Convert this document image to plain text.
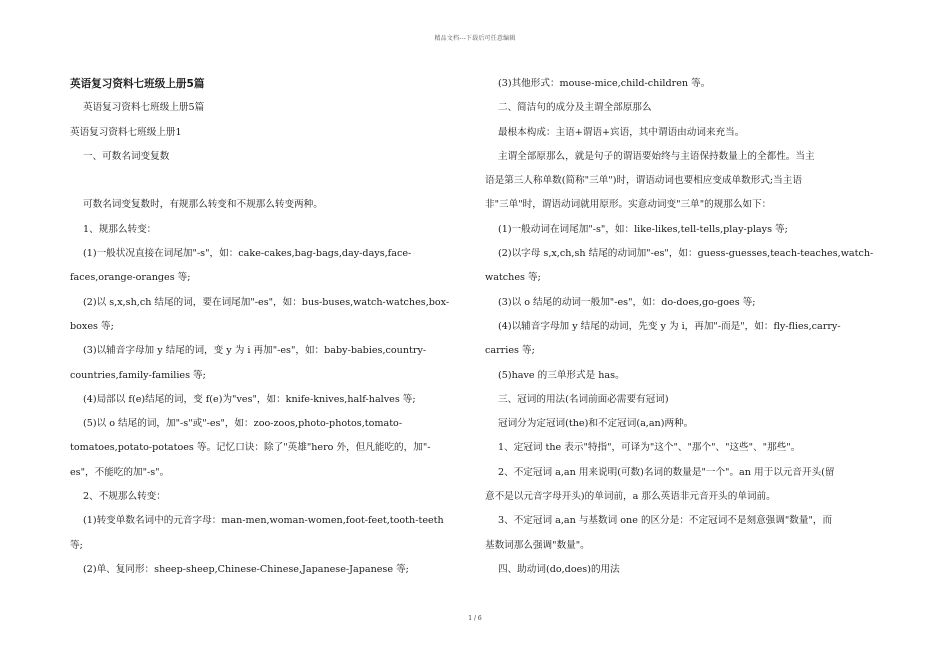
精品文档---下载后可任意编辑

英语复习资料七班级上册5篇

英语复习资料七班级上册5篇

英语复习资料七班级上册1

一、可数名词变复数

可数名词变复数时，有规那么转变和不规那么转变两种。

1、规那么转变：

(1)一般状况直接在词尾加"-s"，如：cake-cakes,bag-bags,day-days,face-

faces,orange-oranges 等;

(2)以 s,x,sh,ch 结尾的词，要在词尾加"-es"，如：bus-buses,watch-watches,box-

boxes 等;

(3)以辅音字母加 y 结尾的词，变 y 为 i 再加"-es"，如：baby-babies,country-

countries,family-families 等;

(4)局部以 f(e)结尾的词，变 f(e)为"ves"，如：knife-knives,half-halves 等;

(5)以 o 结尾的词，加"-s"或"-es"，如：zoo-zoos,photo-photos,tomato-

tomatoes,potato-potatoes 等。记忆口诀：除了"英雄"hero 外，但凡能吃的，加"-

es"，不能吃的加"-s"。

2、不规那么转变：

(1)转变单数名词中的元音字母：man-men,woman-women,foot-feet,tooth-teeth

等;

(2)单、复同形：sheep-sheep,Chinese-Chinese,Japanese-Japanese 等;

(3)其他形式：mouse-mice,child-children 等。

二、简洁句的成分及主谓全部原那么

最根本构成：主语+谓语+宾语，其中谓语由动词来充当。

主谓全部原那么，就是句子的谓语要始终与主语保持数量上的全都性。当主

语是第三人称单数(简称"三单")时，谓语动词也要相应变成单数形式;当主语

非"三单"时，谓语动词就用原形。实意动词变"三单"的规那么如下：

(1)一般动词在词尾加"-s"，如：like-likes,tell-tells,play-plays 等;

(2)以字母 s,x,ch,sh 结尾的动词加"-es"，如：guess-guesses,teach-teaches,watch-

watches 等;

(3)以 o 结尾的动词一般加"-es"，如：do-does,go-goes 等;

(4)以辅音字母加 y 结尾的动词，先变 y 为 i，再加"-而是"，如：fly-flies,carry-

carries 等;

(5)have 的三单形式是 has。

三、冠词的用法(名词前面必需要有冠词)

冠词分为定冠词(the)和不定冠词(a,an)两种。

1、定冠词 the 表示"特指"，可译为"这个"、"那个"、"这些"、"那些"。

2、不定冠词 a,an 用来说明(可数)名词的数量是"一个"。an 用于以元音开头(留

意不是以元音字母开头)的单词前，a 那么英语非元音开头的单词前。

3、不定冠词 a,an 与基数词 one 的区分是：不定冠词不是刻意强调"数量"，而

基数词那么强调"数量"。

四、助动词(do,does)的用法

1 / 6
